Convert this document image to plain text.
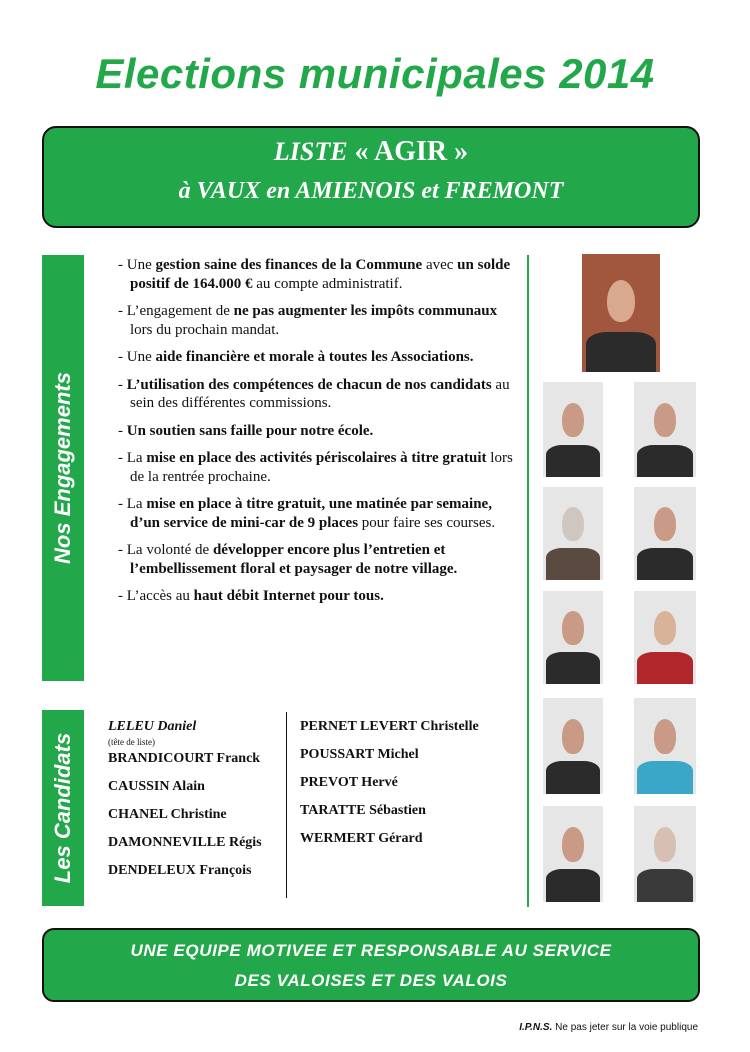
Elections municipales 2014
LISTE « AGIR »
à VAUX en AMIENOIS et FREMONT
Nos Engagements
Les Candidats
- Une gestion saine des finances de la Commune avec un solde positif de 164.000 € au compte administratif.
- L’engagement de ne pas augmenter les impôts communaux lors du prochain mandat.
- Une aide financière et morale à toutes les Associations.
- L’utilisation des compétences de chacun de nos candidats au sein des différentes commissions.
- Un soutien sans faille pour notre école.
- La mise en place des activités périscolaires à titre gratuit lors de la rentrée prochaine.
- La mise en place à titre gratuit, une matinée par semaine, d’un service de mini-car de 9 places pour faire ses courses.
- La volonté de développer encore plus l’entretien et l’embellissement floral et paysager de notre village.
- L’accès au haut débit Internet pour tous.
LELEU Daniel
(tête de liste)
BRANDICOURT Franck
CAUSSIN Alain
CHANEL Christine
DAMONNEVILLE Régis
DENDELEUX François
PERNET LEVERT Christelle
POUSSART Michel
PREVOT Hervé
TARATTE Sébastien
WERMERT Gérard
UNE EQUIPE MOTIVEE ET RESPONSABLE AU SERVICE
DES VALOISES ET DES VALOIS
I.P.N.S. Ne pas jeter sur la voie publique
